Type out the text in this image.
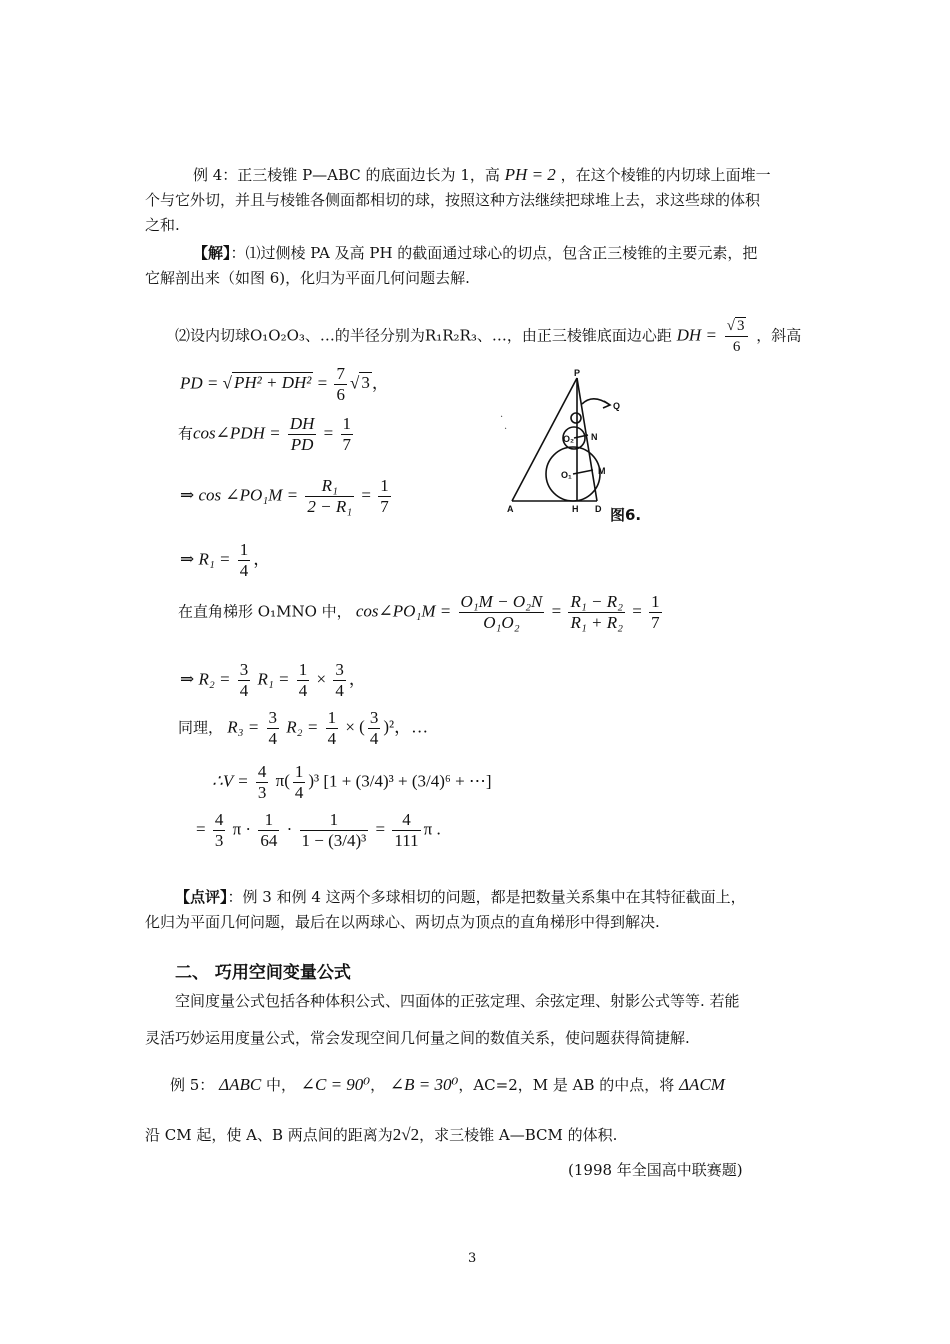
例 4：正三棱锥 P—ABC 的底面边长为 1，高 PH = 2 ，在这个棱锥的内切球上面堆一
个与它外切，并且与棱锥各侧面都相切的球，按照这种方法继续把球堆上去，求这些球的体积
之和.
【解】：⑴过侧棱 PA 及高 PH 的截面通过球心的切点，包含正三棱锥的主要元素，把
它解剖出来（如图 6)，化归为平面几何问题去解.
⑵设内切球O₁O₂O₃、…的半径分别为R₁R₂R₃、…，由正三棱锥底面边心距 DH = $\frac{√ 3}{6}$ ，斜高
PD = √ $PH^2 + DH^2 = \frac{7}{6}$ √ 3 ，
有cos∠PDH = $\frac{DH}{PD} = \frac{1}{7}$
⇒ cos ∠PO₁M = $\frac{\text{R₁}}{\text{2 − R₁}} = \frac{1}{7}$
⇒ $R_1 = \frac{1}{4}$ ，
在直角梯形 O₁MNO 中， cos∠PO₁M = $\frac{\text{O₁M − O₂N}}{\text{O₁O₂}} = \frac{\text{R₁ − R₂}}{\text{R₁ + R₂}} = \frac{1}{7}$
⇒ $R_2 = \frac{3}{4} R_1 = \frac{1}{4} \times \frac{3}{4}$ ，
同理， $R_3 = \frac{3}{4} R_2 = \frac{1}{4}$ × ( $\frac{3}{4} )^2$，…
∴V = $\frac{4}{3} \pi( \frac{1}{4} )^3$ [1 + (3/4)³ + (3/4)⁶ + ⋯]
= $\frac{4}{3}$ $\pi \cdot \frac{1}{64} \cdot \frac{1}{\text{1 − (3/4)³}} = \frac{4}{111}$ π .
P
Q
N
M
O₂
O₁
A	H D 图6.
·
·
【点评】：例 3 和例 4 这两个多球相切的问题，都是把数量关系集中在其特征截面上，
化归为平面几何问题，最后在以两球心、两切点为顶点的直角梯形中得到解决.
二、 巧用空间变量公式
空间度量公式包括各种体积公式、四面体的正弦定理、余弦定理、射影公式等等. 若能
灵活巧妙运用度量公式，常会发现空间几何量之间的数值关系，使问题获得简捷解.
例 5： ΔABC 中， ∠C = 90⁰， ∠B = 30⁰，AC=2，M 是 AB 的中点，将 ΔACM
沿 CM 起，使 A、B 两点间的距离为2√2，求三棱锥 A—BCM 的体积.
(1998 年全国高中联赛题)
3
